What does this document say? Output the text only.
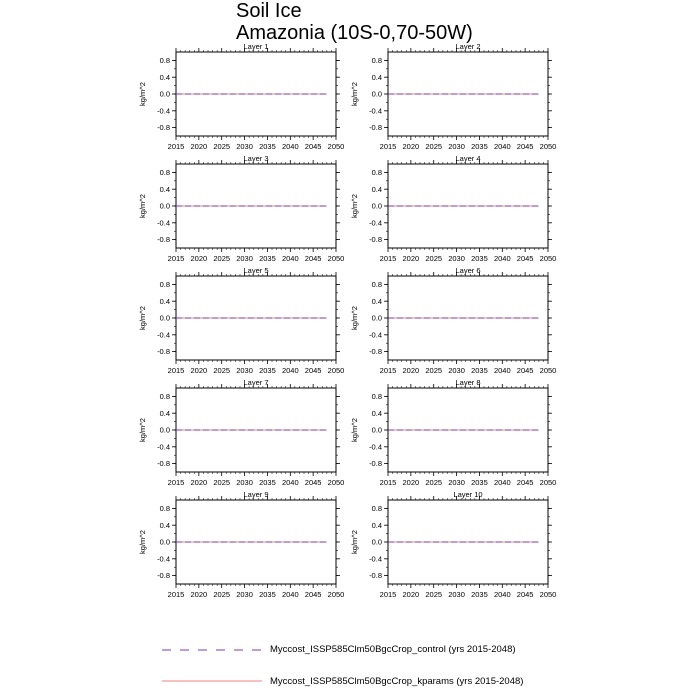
Soil Ice
Amazonia (10S-0,70-50W)
Layer 1
kg/m^2
-0.8
-0.4
0.0
0.4
0.8
2015 2020 2025 2030 2035 2040 2045 2050
Layer 2
kg/m^2
-0.8
-0.4
0.0
0.4
0.8
2015 2020 2025 2030 2035 2040 2045 2050
Layer 3
kg/m^2
-0.8
-0.4
0.0
0.4
0.8
2015 2020 2025 2030 2035 2040 2045 2050
Layer 4
kg/m^2
-0.8
-0.4
0.0
0.4
0.8
2015 2020 2025 2030 2035 2040 2045 2050
Layer 5
kg/m^2
-0.8
-0.4
0.0
0.4
0.8
2015 2020 2025 2030 2035 2040 2045 2050
Layer 6
kg/m^2
-0.8
-0.4
0.0
0.4
0.8
2015 2020 2025 2030 2035 2040 2045 2050
Layer 7
kg/m^2
-0.8
-0.4
0.0
0.4
0.8
2015 2020 2025 2030 2035 2040 2045 2050
Layer 8
kg/m^2
-0.8
-0.4
0.0
0.4
0.8
2015 2020 2025 2030 2035 2040 2045 2050
Layer 9
kg/m^2
-0.8
-0.4
0.0
0.4
0.8
2015 2020 2025 2030 2035 2040 2045 2050
Layer 10
kg/m^2
-0.8
-0.4
0.0
0.4
0.8
2015 2020 2025 2030 2035 2040 2045 2050
Myccost_ISSP585Clm50BgcCrop_control (yrs 2015-2048)
Myccost_ISSP585Clm50BgcCrop_kparams (yrs 2015-2048)
